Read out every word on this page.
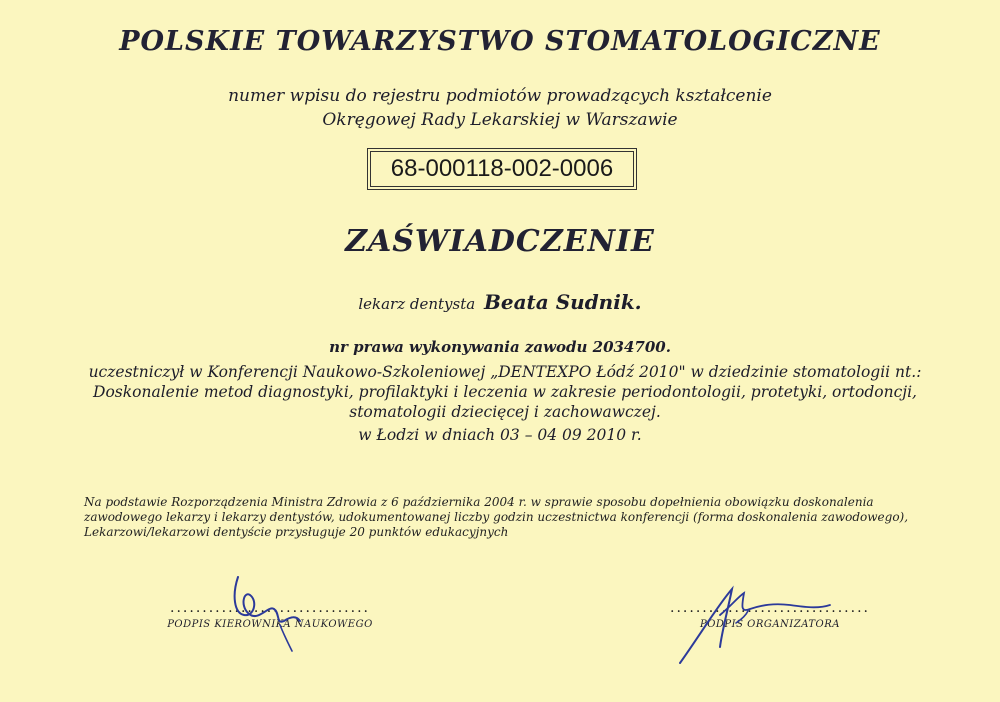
POLSKIE TOWARZYSTWO STOMATOLOGICZNE
numer wpisu do rejestru podmiotów prowadzących kształcenie
Okręgowej Rady Lekarskiej w Warszawie
68-000118-002-0006
ZAŚWIADCZENIE
lekarz dentysta Beata Sudnik.
nr prawa wykonywania zawodu 2034700.
uczestniczył w Konferencji Naukowo-Szkoleniowej „DENTEXPO Łódź 2010" w dziedzinie stomatologii nt.: Doskonalenie metod diagnostyki, profilaktyki i leczenia w zakresie periodontologii, protetyki, ortodoncji, stomatologii dziecięcej i zachowawczej.
w Łodzi w dniach 03 – 04 09 2010 r.
Na podstawie Rozporządzenia Ministra Zdrowia z 6 października 2004 r. w sprawie sposobu dopełnienia obowiązku doskonalenia zawodowego lekarzy i lekarzy dentystów, udokumentowanej liczby godzin uczestnictwa konferencji (forma doskonalenia zawodowego), Lekarzowi/lekarzowi dentyście przysługuje 20 punktów edukacyjnych
...............................
PODPIS KIEROWNIKA NAUKOWEGO
...............................
PODPIS ORGANIZATORA
